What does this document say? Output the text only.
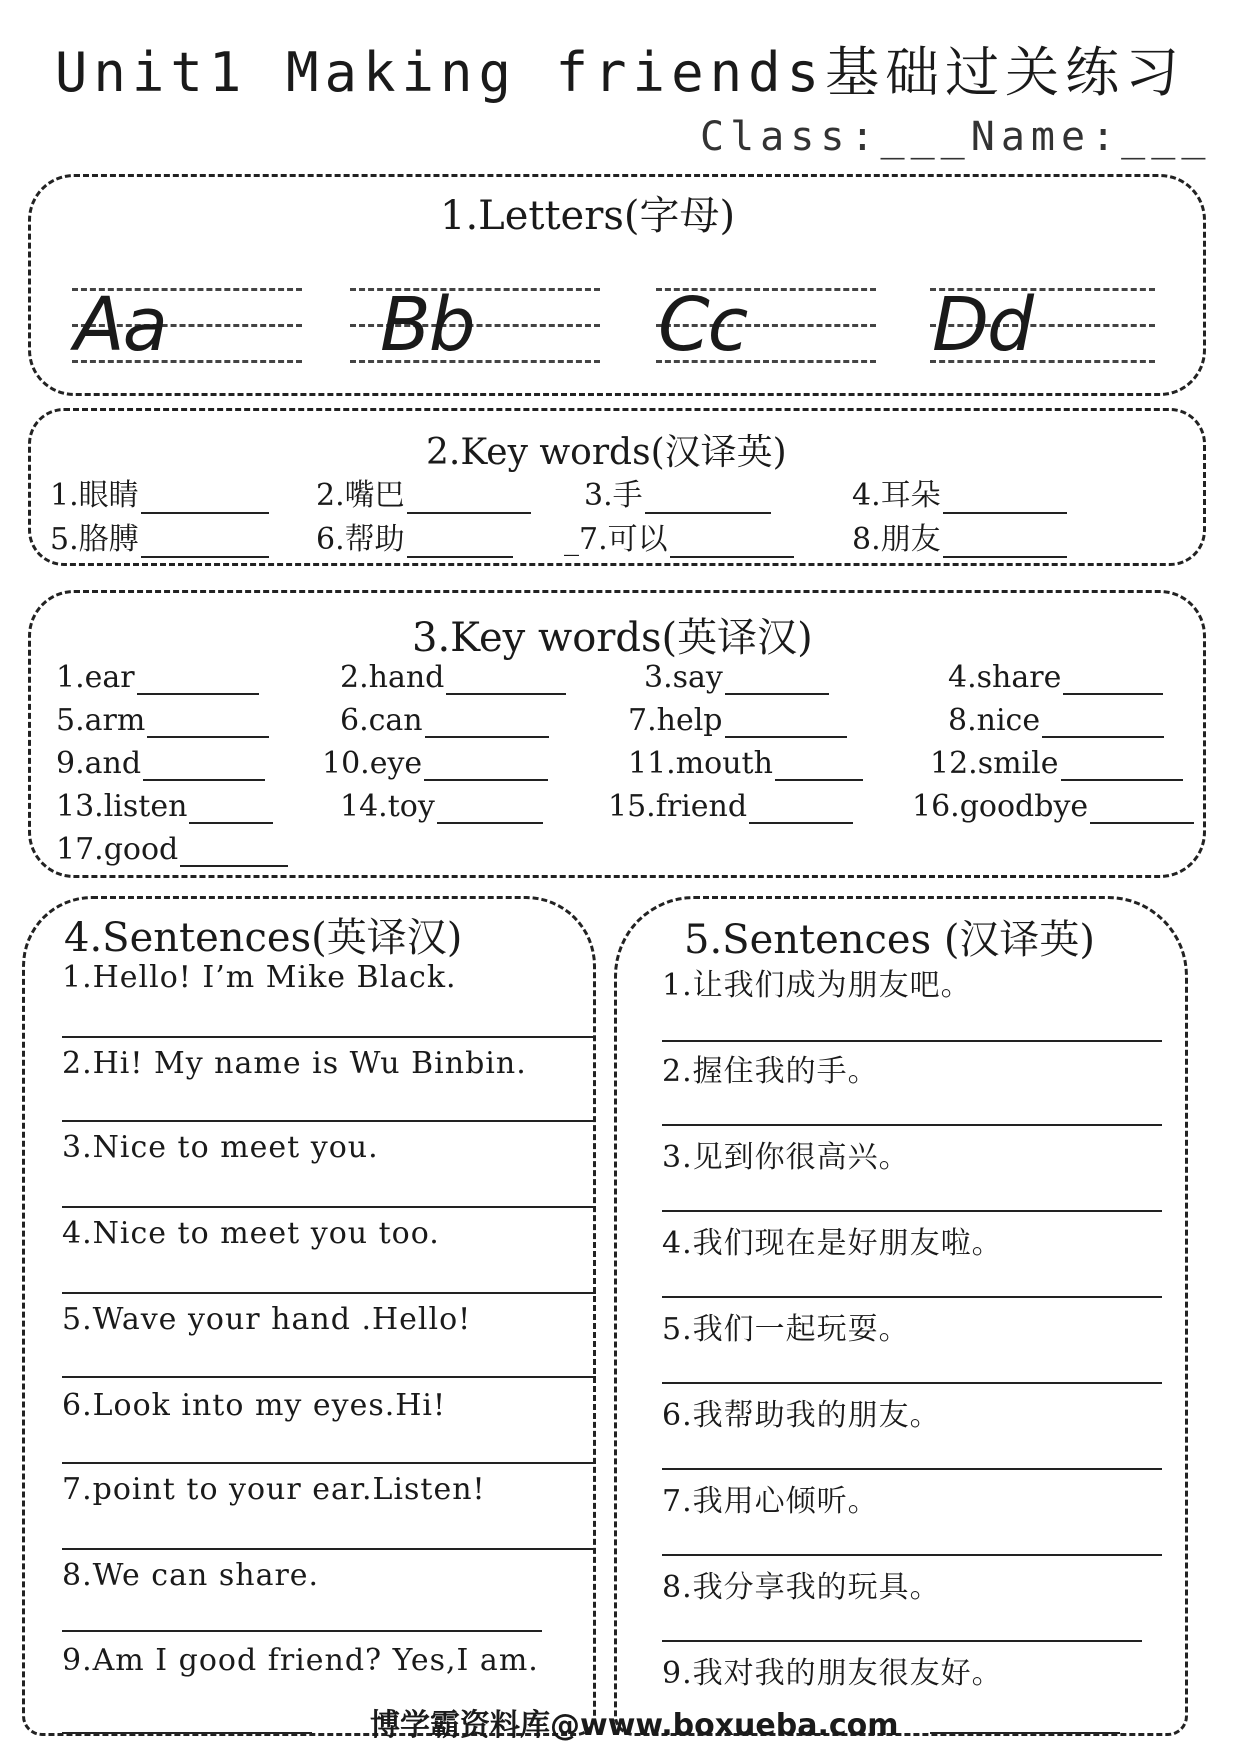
Unit1 Making friends基础过关练习
Class:___Name:___
1.Letters(字母)
Aa	Bb Cc	Dd
2.Key words(汉译英)
1.眼睛	2.嘴巴	3.手	4.耳朵
5.胳膊	6.帮助	_7.可以	8.朋友
3.Key words(英译汉)
1.ear	2.hand	3.say	4.share
5.arm	6.can	7.help	8.nice
9.and	10.eye	11.mouth	12.smile
13.listen	14.toy	15.friend	16.goodbye
17.good
4.Sentences(英译汉)
1.Hello! I’m Mike Black.
2.Hi! My name is Wu Binbin.
3.Nice to meet you.
4.Nice to meet you too.
5.Wave your hand .Hello!
6.Look into my eyes.Hi!
7.point to your ear.Listen!
8.We can share.
9.Am I good friend? Yes,I am.
5.Sentences (汉译英)
1.让我们成为朋友吧。
2.握住我的手。
3.见到你很高兴。
4.我们现在是好朋友啦。
5.我们一起玩耍。
6.我帮助我的朋友。
7.我用心倾听。
8.我分享我的玩具。
9.我对我的朋友很友好。
博学霸资料库@www.boxueba.com
